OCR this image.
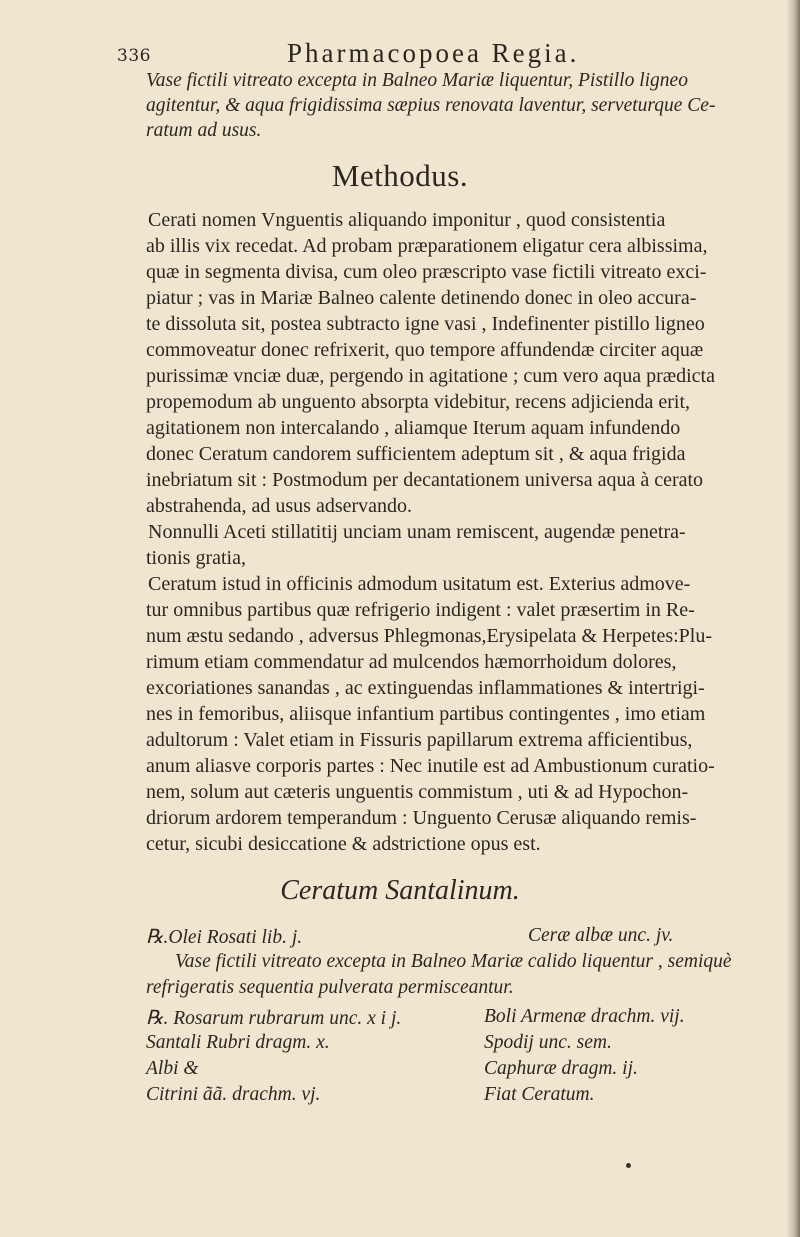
336	Pharmacopoea Regia.
Vase fictili vitreato excepta in Balneo Mariæ liquentur, Pistillo ligneo
agitentur, & aqua frigidissima sæpius renovata laventur, serveturque Ce-
ratum ad usus.
Methodus.
Cerati nomen Vnguentis aliquando imponitur , quod consistentia
ab illis vix recedat. Ad probam præparationem eligatur cera albissima,
quæ in segmenta divisa, cum oleo præscripto vase fictili vitreato exci-
piatur ; vas in Mariæ Balneo calente detinendo donec in oleo accura-
te dissoluta sit, postea subtracto igne vasi , Indefinenter pistillo ligneo
commoveatur donec refrixerit, quo tempore affundendæ circiter aquæ
purissimæ vnciæ duæ, pergendo in agitatione ; cum vero aqua prædicta
propemodum ab unguento absorpta videbitur, recens adjicienda erit,
agitationem non intercalando , aliamque Iterum aquam infundendo
donec Ceratum candorem sufficientem adeptum sit , & aqua frigida
inebriatum sit : Postmodum per decantationem universa aqua à cerato
abstrahenda, ad usus adservando.
Nonnulli Aceti stillatitij unciam unam remiscent, augendæ penetra-
tionis gratia,
Ceratum istud in officinis admodum usitatum est. Exterius admove-
tur omnibus partibus quæ refrigerio indigent : valet præsertim in Re-
num æstu sedando , adversus Phlegmonas,Erysipelata & Herpetes:Plu-
rimum etiam commendatur ad mulcendos hæmorrhoidum dolores,
excoriationes sanandas , ac extinguendas inflammationes & intertrigi-
nes in femoribus, aliisque infantium partibus contingentes , imo etiam
adultorum : Valet etiam in Fissuris papillarum extrema afficientibus,
anum aliasve corporis partes : Nec inutile est ad Ambustionum curatio-
nem, solum aut cæteris unguentis commistum , uti & ad Hypochon-
driorum ardorem temperandum : Unguento Cerusæ aliquando remis-
cetur, sicubi desiccatione & adstrictione opus est.
Ceratum Santalinum.
℞.Olei Rosati lib. j.	Ceræ albæ unc. jv.
Vase fictili vitreato excepta in Balneo Mariæ calido liquentur , semiquè
refrigeratis sequentia pulverata permisceantur.
℞. Rosarum rubrarum unc. x i j.	Boli Armenæ drachm. vij.
Santali Rubri dragm. x.	Spodij unc. sem.
Albi &	Caphuræ dragm. ij.
Citrini ãã. drachm. vj.	Fiat Ceratum.
